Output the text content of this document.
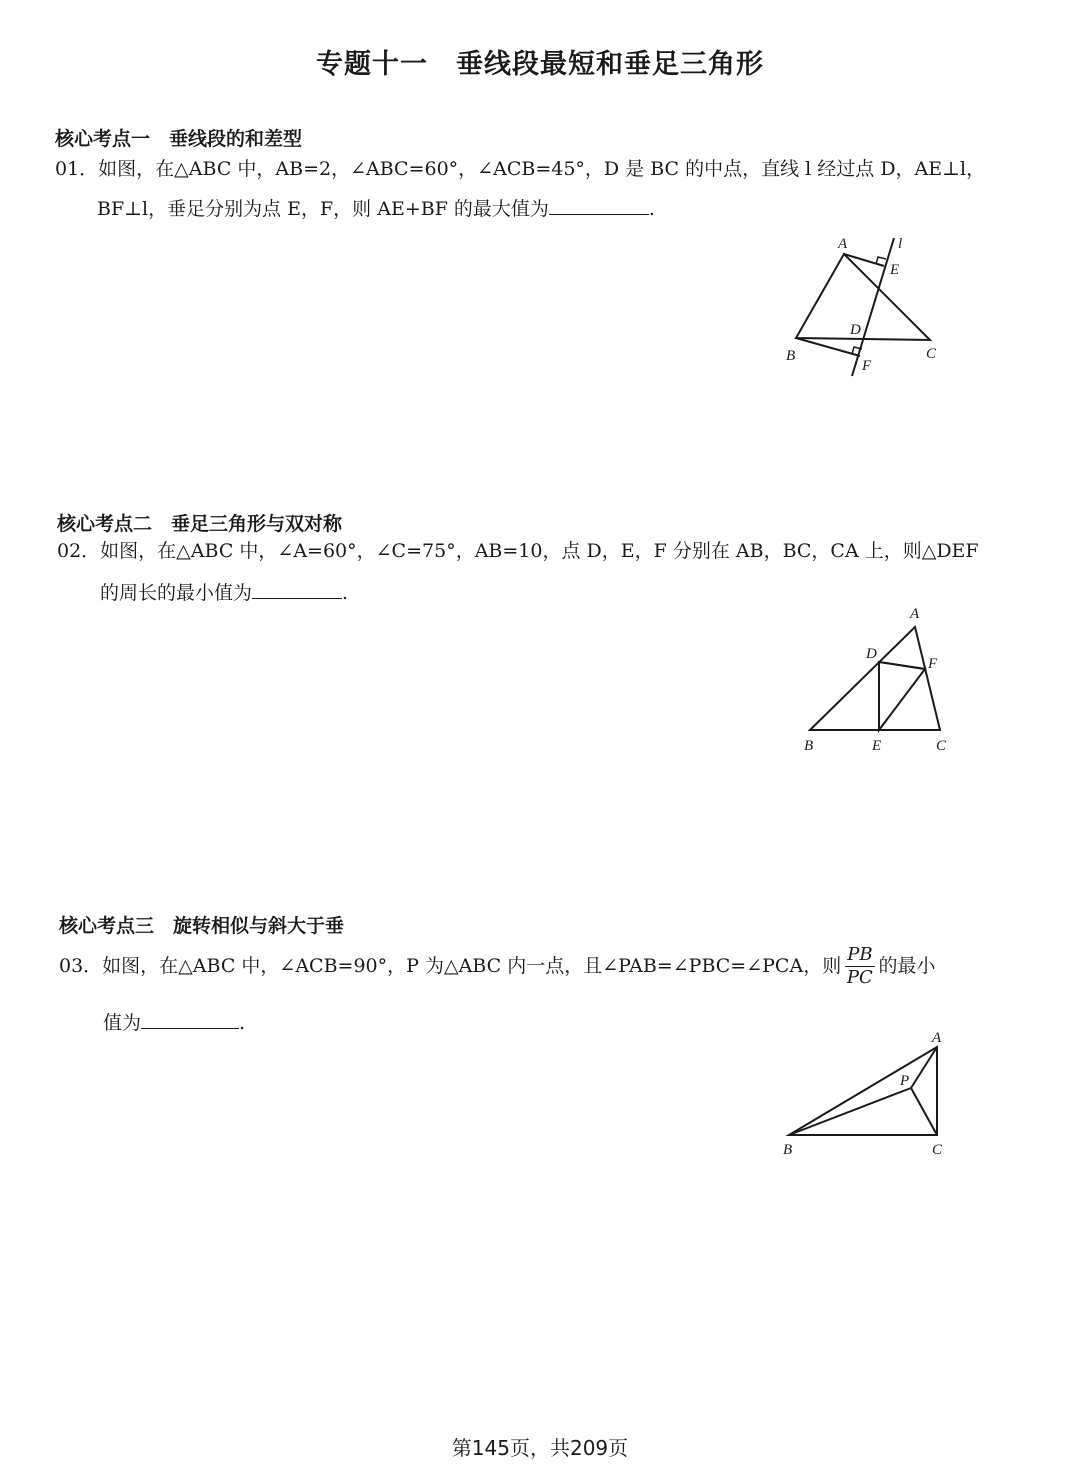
专题十一　垂线段最短和垂足三角形
核心考点一　垂线段的和差型
01．如图，在△ABC 中，AB=2，∠ABC=60°，∠ACB=45°，D 是 BC 的中点，直线 l 经过点 D，AE⊥l，
BF⊥l，垂足分别为点 E，F，则 AE+BF 的最大值为	.
A
B	C
D
E
F
l
核心考点二　垂足三角形与双对称
02．如图，在△ABC 中，∠A=60°，∠C=75°，AB=10，点 D，E，F 分别在 AB，BC，CA 上，则△DEF
的周长的最小值为	.
A
B	C
D
E
F
核心考点三　旋转相似与斜大于垂
03．如图，在△ABC 中，∠ACB=90°，P 为△ABC 内一点，且∠PAB=∠PBC=∠PCA，则 $\frac{PB}{PC}$ 的最小
值为	.
A
B	C
P
第145页，共209页
